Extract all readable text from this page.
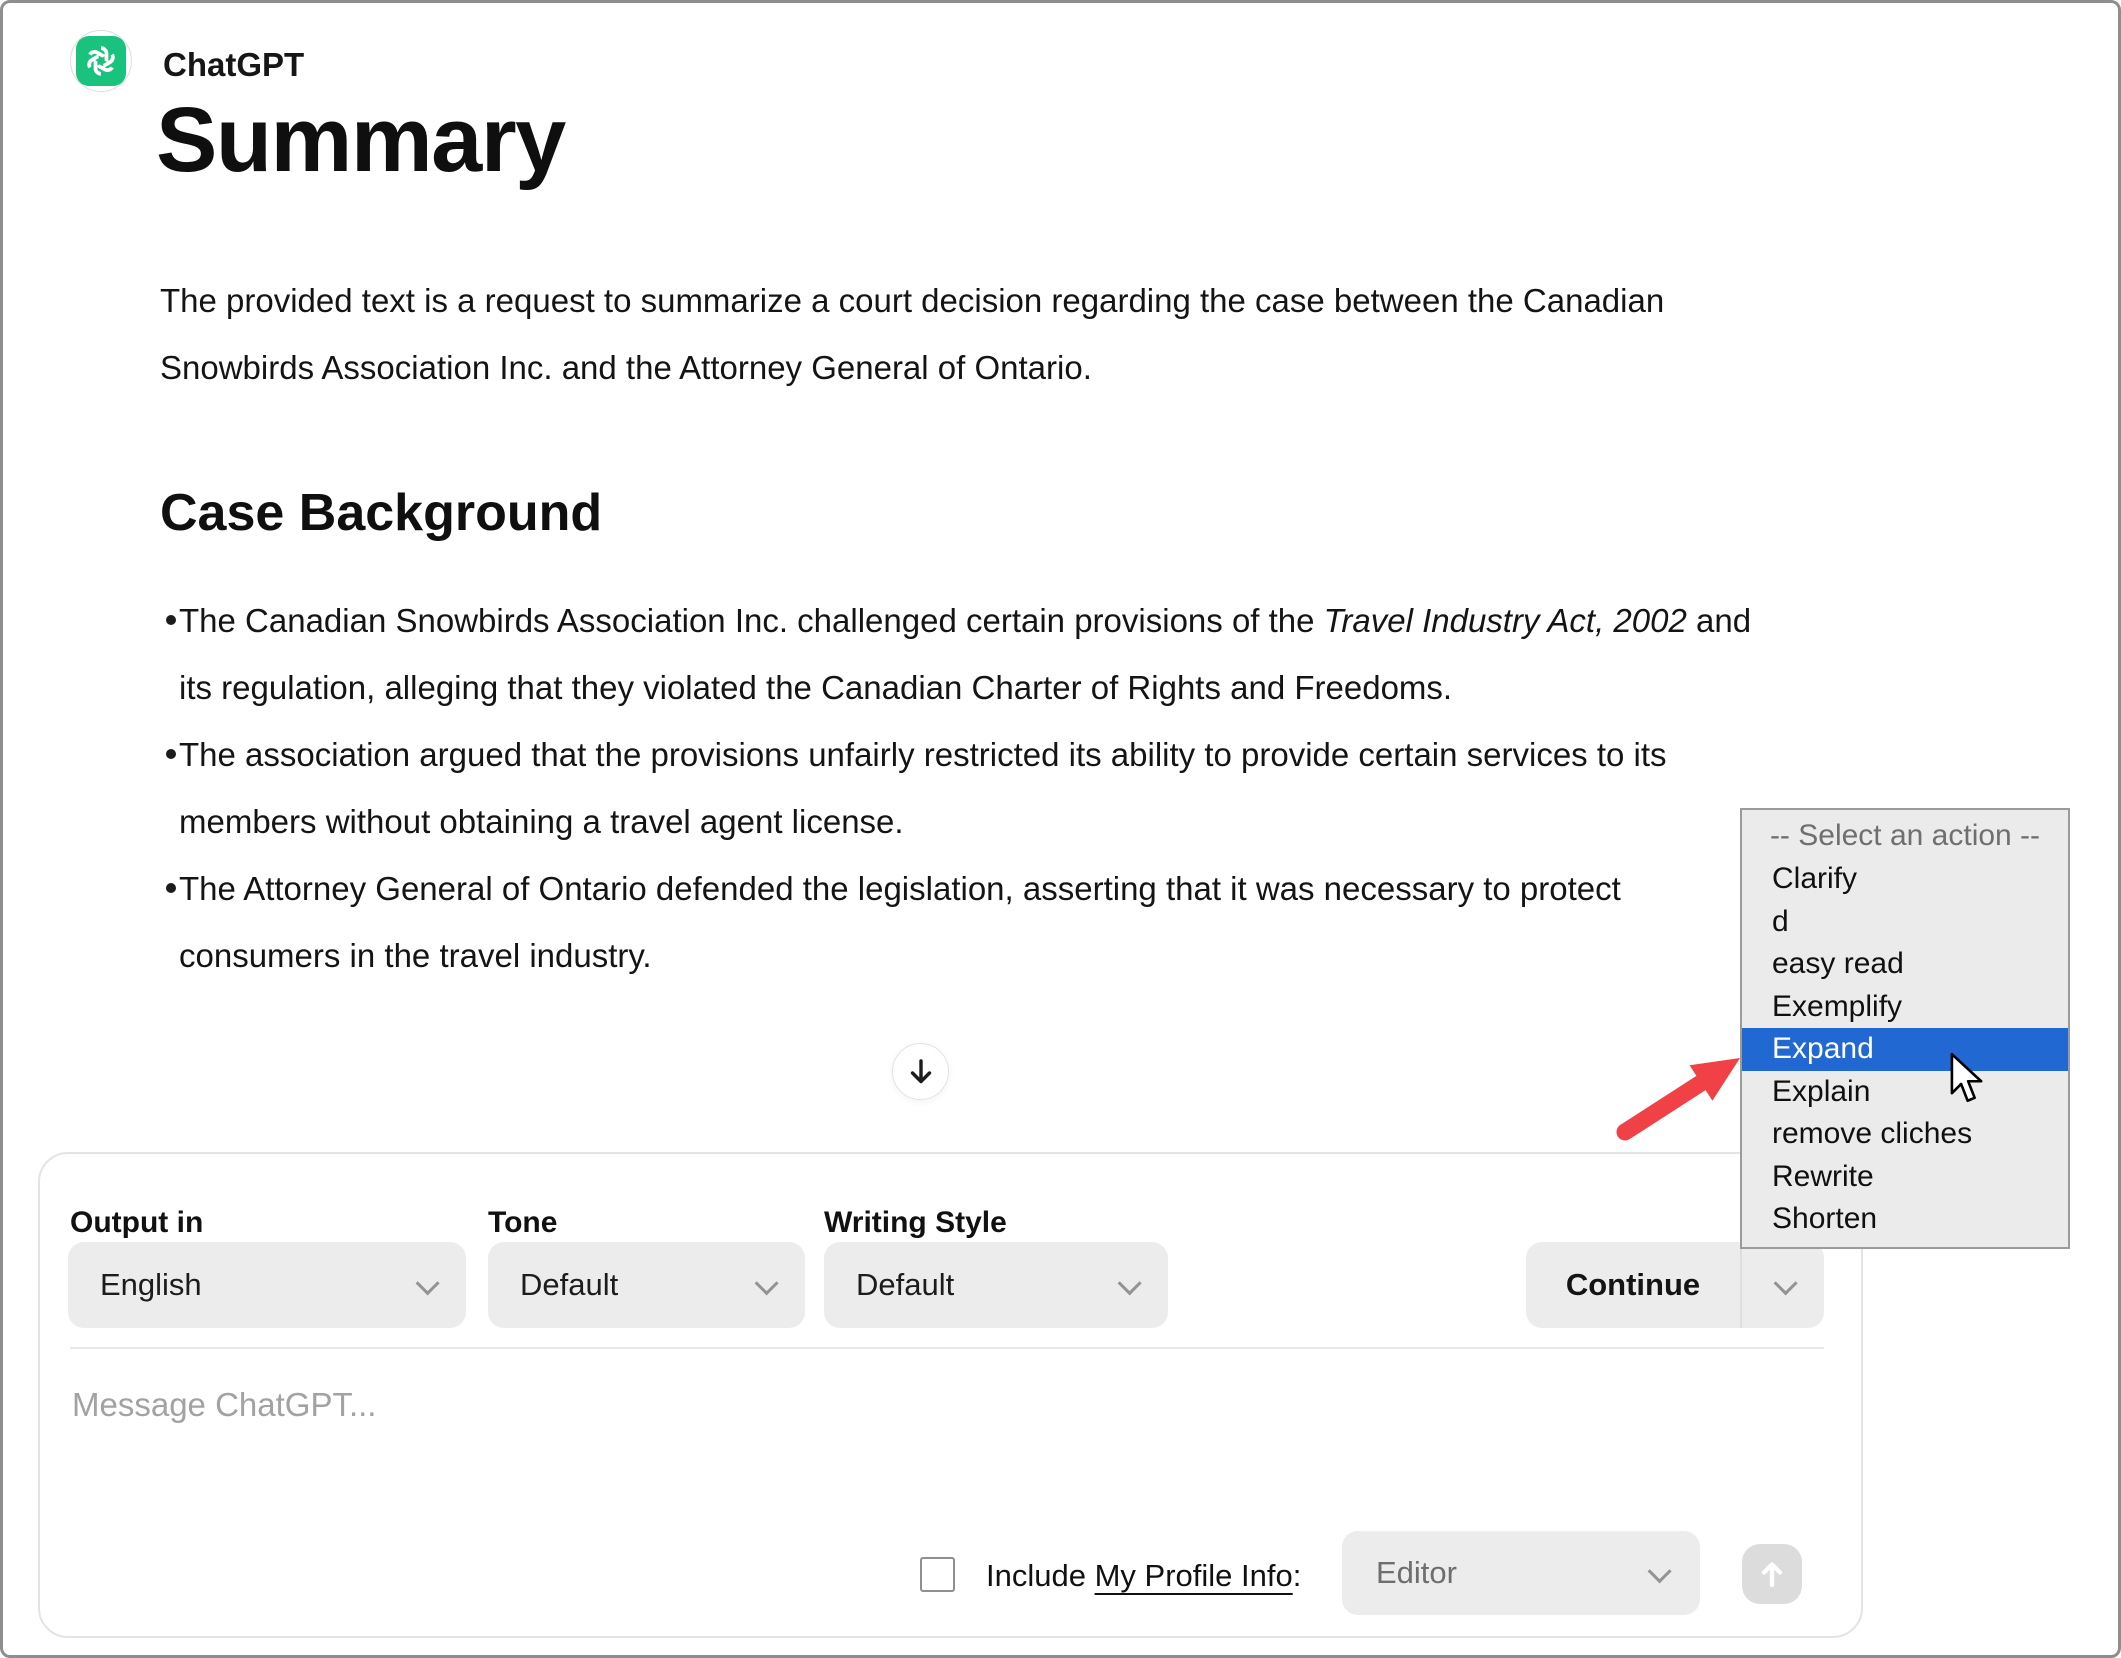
ChatGPT
Summary

The provided text is a request to summarize a court decision regarding the case between the Canadian Snowbirds Association Inc. and the Attorney General of Ontario.

Case Background
The Canadian Snowbirds Association Inc. challenged certain provisions of the Travel Industry Act, 2002 and its regulation, alleging that they violated the Canadian Charter of Rights and Freedoms.
The association argued that the provisions unfairly restricted its ability to provide certain services to its members without obtaining a travel agent license.
The Attorney General of Ontario defended the legislation, asserting that it was necessary to protect consumers in the travel industry.
-- Select an action --
Clarify
d
easy read
Exemplify
Expand
Explain
remove cliches
Rewrite
Shorten
Output in	Tone	Writing Style
English	Default	Default	Continue
Message ChatGPT...
Include My Profile Info: Editor
